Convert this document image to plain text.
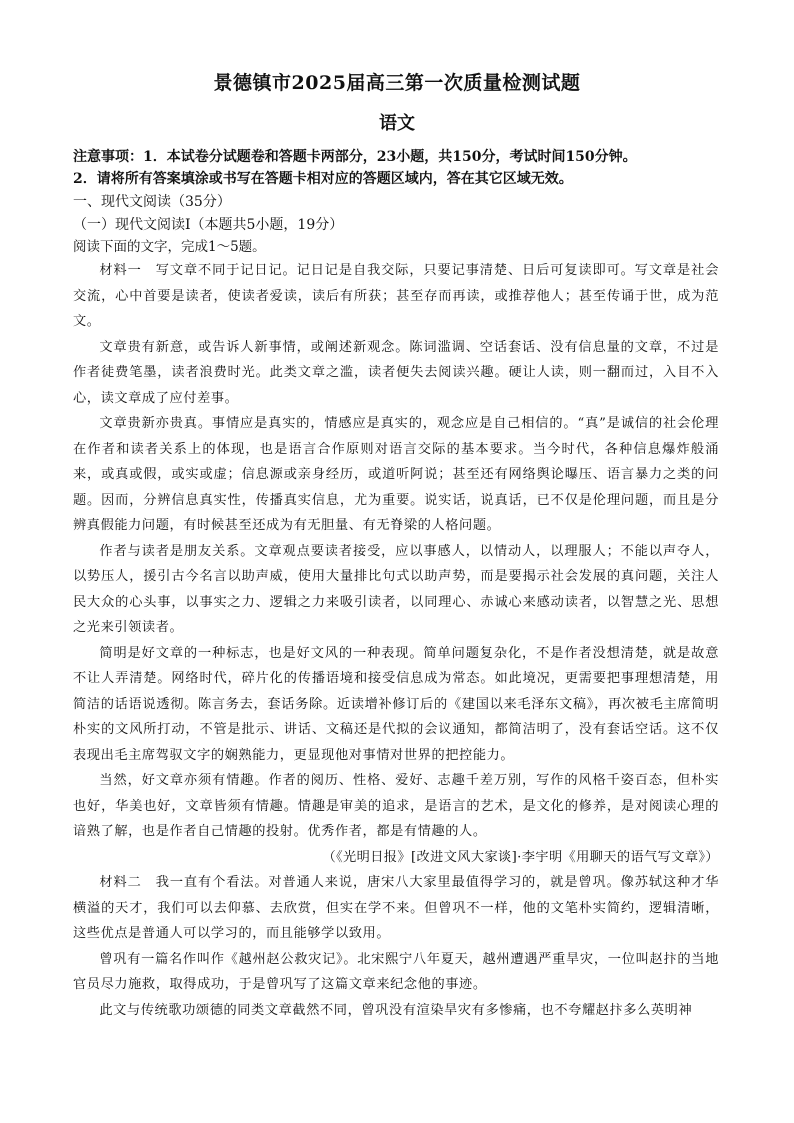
景德镇市2025届高三第一次质量检测试题
语文
注意事项：1．本试卷分试题卷和答题卡两部分，23小题，共150分，考试时间150分钟。
2．请将所有答案填涂或书写在答题卡相对应的答题区域内，答在其它区域无效。
一、现代文阅读（35分）
（一）现代文阅读Ⅰ（本题共5小题，19分）
阅读下面的文字，完成1～5题。

材料一　写文章不同于记日记。记日记是自我交际，只要记事清楚、日后可复读即可。写文章是社会交流，心中首要是读者，使读者爱读，读后有所获；甚至存而再读，或推荐他人；甚至传诵于世，成为范文。

文章贵有新意，或告诉人新事情，或阐述新观念。陈词滥调、空话套话、没有信息量的文章，不过是作者徒费笔墨，读者浪费时光。此类文章之滥，读者便失去阅读兴趣。硬让人读，则一翻而过，入目不入心，读文章成了应付差事。

文章贵新亦贵真。事情应是真实的，情感应是真实的，观念应是自己相信的。“真”是诚信的社会伦理在作者和读者关系上的体现，也是语言合作原则对语言交际的基本要求。当今时代，各种信息爆炸般涌来，或真或假，或实或虚；信息源或亲身经历，或道听阿说；甚至还有网络舆论曝压、语言暴力之类的问题。因而，分辨信息真实性，传播真实信息，尤为重要。说实话，说真话，已不仅是伦理问题，而且是分辨真假能力问题，有时候甚至还成为有无胆量、有无脊梁的人格问题。

作者与读者是朋友关系。文章观点要读者接受，应以事感人，以情动人，以理服人；不能以声夺人，以势压人，援引古今名言以助声威，使用大量排比句式以助声势，而是要揭示社会发展的真问题，关注人民大众的心头事，以事实之力、逻辑之力来吸引读者，以同理心、赤诚心来感动读者，以智慧之光、思想之光来引领读者。

简明是好文章的一种标志，也是好文风的一种表现。简单问题复杂化，不是作者没想清楚，就是故意不让人弄清楚。网络时代，碎片化的传播语境和接受信息成为常态。如此境况，更需要把事理想清楚，用简洁的话语说透彻。陈言务去，套话务除。近读增补修订后的《建国以来毛泽东文稿》，再次被毛主席简明朴实的文风所打动，不管是批示、讲话、文稿还是代拟的会议通知，都简洁明了，没有套话空话。这不仅表现出毛主席驾驭文字的娴熟能力，更显现他对事情对世界的把控能力。

当然，好文章亦须有情趣。作者的阅历、性格、爱好、志趣千差万别，写作的风格千姿百态，但朴实也好，华美也好，文章皆须有情趣。情趣是审美的追求，是语言的艺术，是文化的修养，是对阅读心理的谙熟了解，也是作者自己情趣的投射。优秀作者，都是有情趣的人。

（《光明日报》[改进文风大家谈]·李宇明《用聊天的语气写文章》）

材料二　我一直有个看法。对普通人来说，唐宋八大家里最值得学习的，就是曾巩。像苏轼这种才华横溢的天才，我们可以去仰慕、去欣赏，但实在学不来。但曾巩不一样，他的文笔朴实简约，逻辑清晰，这些优点是普通人可以学习的，而且能够学以致用。

曾巩有一篇名作叫作《越州赵公救灾记》。北宋熙宁八年夏天，越州遭遇严重旱灾，一位叫赵抃的当地官员尽力施救，取得成功，于是曾巩写了这篇文章来纪念他的事迹。

此文与传统歌功颂德的同类文章截然不同，曾巩没有渲染旱灾有多惨痛，也不夸耀赵抃多么英明神
